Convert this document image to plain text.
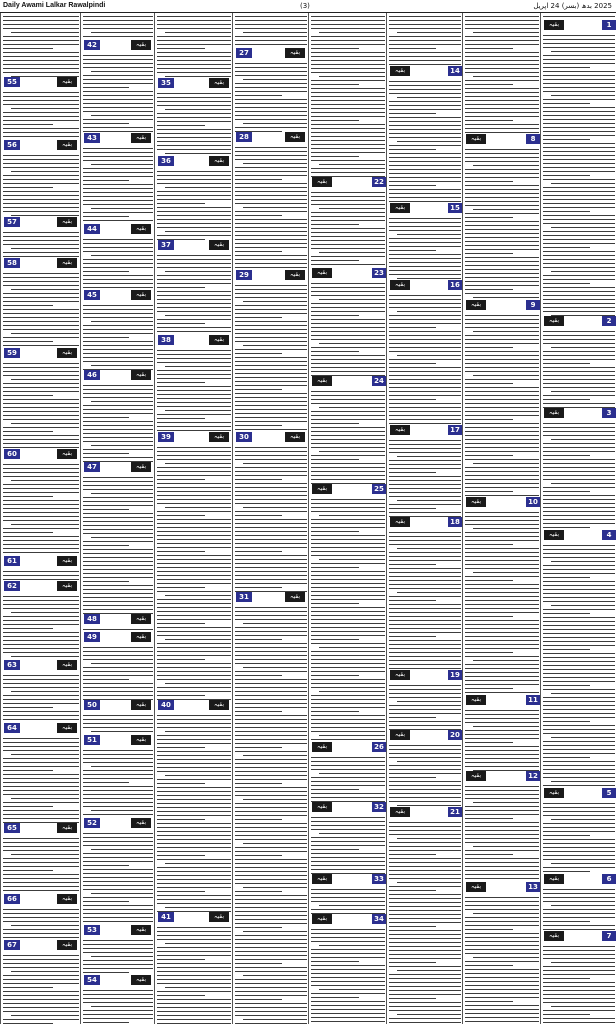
Daily Awami Lalkar Rawalpindi	(3)	2025 بدھ (بسر) 24 اپریل
1
بقیہ
2
بقیہ
3
بقیہ
4
بقیہ
5
بقیہ
6
بقیہ
7
بقیہ
8
بقیہ
9
بقیہ
10
بقیہ
11
بقیہ
12
بقیہ
13
بقیہ
14
بقیہ
15
بقیہ
16
بقیہ
17
بقیہ
18
بقیہ
19
بقیہ
20
بقیہ
21
بقیہ
22
بقیہ
23
بقیہ
24
بقیہ
25
بقیہ
26
بقیہ
32
بقیہ
33
بقیہ
34
بقیہ
27	بقیہ
28	بقیہ
29	بقیہ
30	بقیہ
31	بقیہ
35	بقیہ
36	بقیہ
37	بقیہ
38	بقیہ
39	بقیہ
40	بقیہ
41	بقیہ
42	بقیہ
43	بقیہ
44	بقیہ
45	بقیہ
46	بقیہ
47	بقیہ
48	بقیہ
49	بقیہ
50	بقیہ
51	بقیہ
52	بقیہ
53	بقیہ
54	بقیہ
55	بقیہ
56	بقیہ
57	بقیہ
58	بقیہ
59	بقیہ
60	بقیہ
61	بقیہ
62	بقیہ
63	بقیہ
64	بقیہ
65	بقیہ
66	بقیہ
67	بقیہ
